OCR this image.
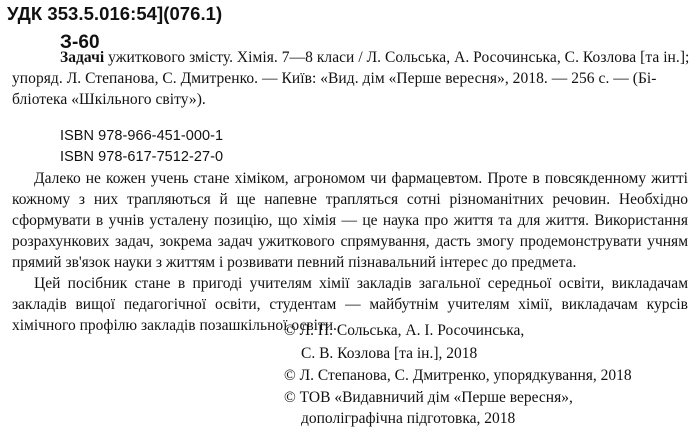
УДК 353.5.016:54](076.1)
З-60
Задачі ужиткового змісту. Хімія. 7—8 класи / Л. Сольська, А. Росочинська, С. Козлова [та ін.];
упоряд. Л. Степанова, С. Дмитренко. — Київ: «Вид. дім «Перше вересня», 2018. — 256 с. — (Бі-
бліотека «Шкільного світу»).
ISBN 978-966-451-000-1
ISBN 978-617-7512-27-0
Далеко не кожен учень стане хіміком, агрономом чи фармацевтом. Проте в повсякденному житті кожному з них трапляються й ще напевне трапляться сотні різноманітних речовин. Необхідно сформувати в учнів усталену позицію, що хімія — це наука про життя та для життя. Використання розрахункових задач, зокрема задач ужиткового спрямування, дасть змогу продемонструвати учням прямий зв'язок науки з життям і розвивати певний пізнавальний інтерес до предмета.
Цей посібник стане в пригоді учителям хімії закладів загальної середньої освіти, викладачам закладів вищої педагогічної освіти, студентам — майбутнім учителям хімії, викладачам курсів хімічного профілю закладів позашкільної освіти.
© Л. П. Сольська, А. І. Росочинська,
С. В. Козлова [та ін.], 2018
© Л. Степанова, С. Дмитренко, упорядкування, 2018
© ТОВ «Видавничий дім «Перше вересня»,
дополіграфічна підготовка, 2018
